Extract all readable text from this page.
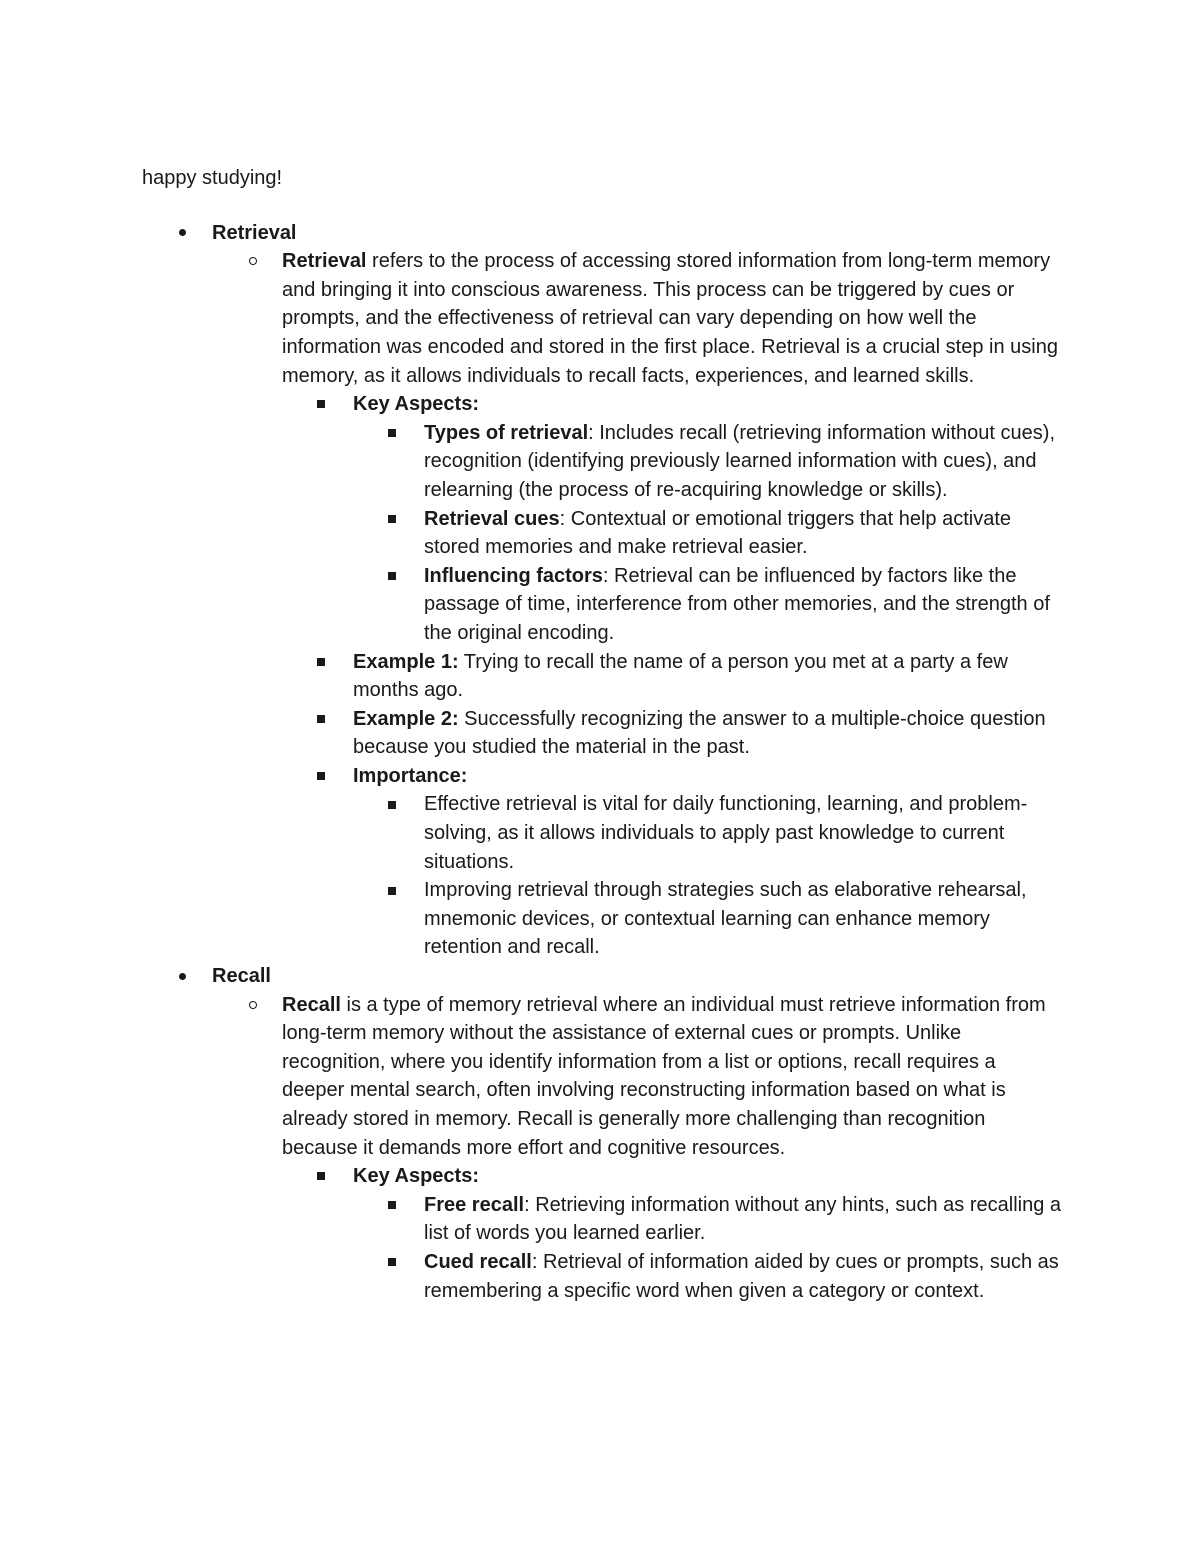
happy studying!
Retrieval
Retrieval refers to the process of accessing stored information from long-term memory and bringing it into conscious awareness. This process can be triggered by cues or prompts, and the effectiveness of retrieval can vary depending on how well the information was encoded and stored in the first place. Retrieval is a crucial step in using memory, as it allows individuals to recall facts, experiences, and learned skills.
Key Aspects:
Types of retrieval: Includes recall (retrieving information without cues), recognition (identifying previously learned information with cues), and relearning (the process of re-acquiring knowledge or skills).
Retrieval cues: Contextual or emotional triggers that help activate stored memories and make retrieval easier.
Influencing factors: Retrieval can be influenced by factors like the passage of time, interference from other memories, and the strength of the original encoding.
Example 1: Trying to recall the name of a person you met at a party a few months ago.
Example 2: Successfully recognizing the answer to a multiple-choice question because you studied the material in the past.
Importance:
Effective retrieval is vital for daily functioning, learning, and problem-solving, as it allows individuals to apply past knowledge to current situations.
Improving retrieval through strategies such as elaborative rehearsal, mnemonic devices, or contextual learning can enhance memory retention and recall.
Recall
Recall is a type of memory retrieval where an individual must retrieve information from long-term memory without the assistance of external cues or prompts. Unlike recognition, where you identify information from a list or options, recall requires a deeper mental search, often involving reconstructing information based on what is already stored in memory. Recall is generally more challenging than recognition because it demands more effort and cognitive resources.
Key Aspects:
Free recall: Retrieving information without any hints, such as recalling a list of words you learned earlier.
Cued recall: Retrieval of information aided by cues or prompts, such as remembering a specific word when given a category or context.
